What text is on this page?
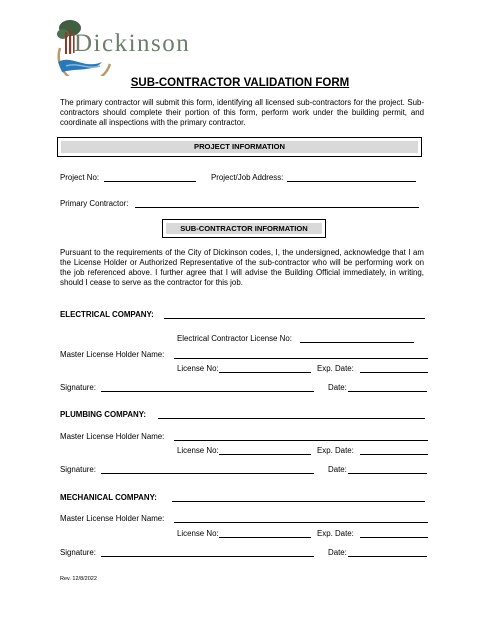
Dickinson
SUB-CONTRACTOR VALIDATION FORM
The primary contractor will submit this form, identifying all licensed sub-contractors for the project. Sub-contractors should complete their portion of this form, perform work under the building permit, and coordinate all inspections with the primary contractor.
PROJECT INFORMATION
Project No:	Project/Job Address:
Primary Contractor:
SUB-CONTRACTOR INFORMATION
Pursuant to the requirements of the City of Dickinson codes, I, the undersigned, acknowledge that I am the License Holder or Authorized Representative of the sub-contractor who will be performing work on the job referenced above. I further agree that I will advise the Building Official immediately, in writing, should I cease to serve as the contractor for this job.
ELECTRICAL COMPANY:
Electrical Contractor License No:
Master License Holder Name:
License No:	Exp. Date:
Signature:	Date:
PLUMBING COMPANY:
Master License Holder Name:
License No:	Exp. Date:
Signature:	Date:
MECHANICAL COMPANY:
Master License Holder Name:
License No:	Exp. Date:
Signature:	Date:
Rev. 12/8/2022
